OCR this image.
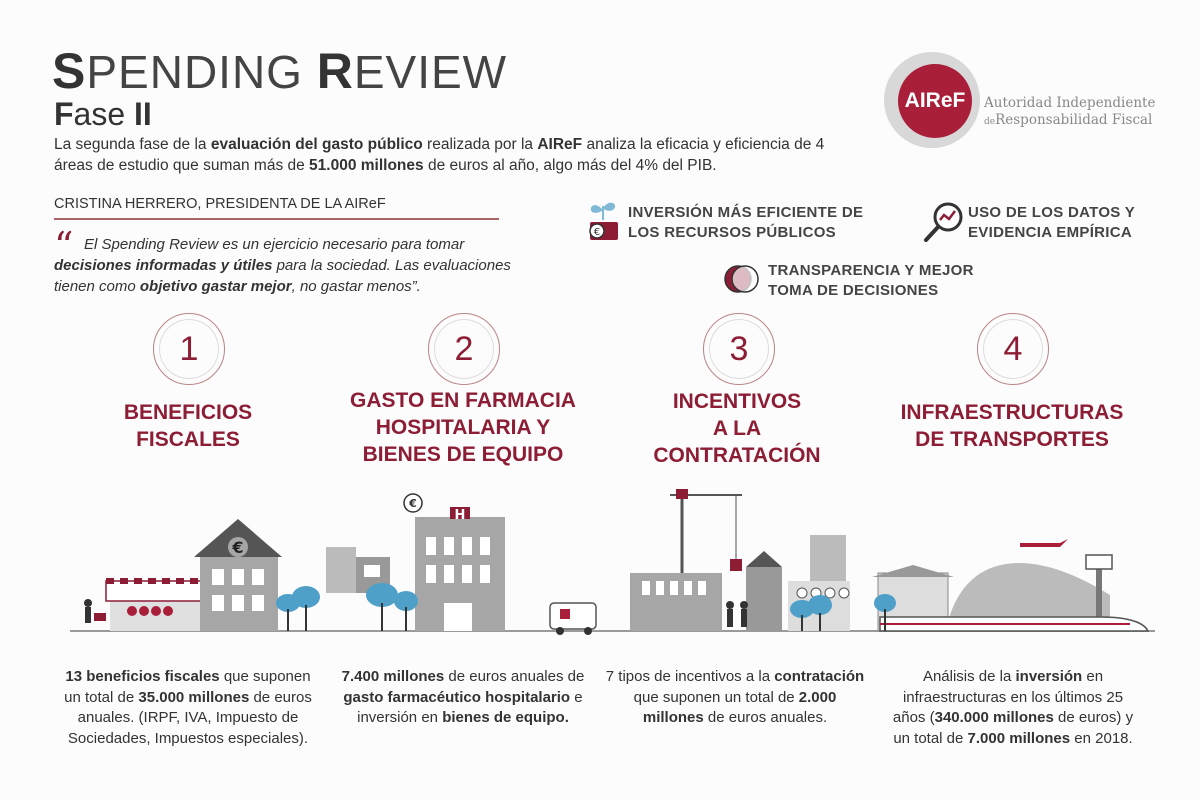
SPENDING REVIEW
Fase II
La segunda fase de la evaluación del gasto público realizada por la AIReF analiza la eficacia y eficiencia de 4 áreas de estudio que suman más de 51.000 millones de euros al año, algo más del 4% del PIB.
CRISTINA HERRERO, PRESIDENTA DE LA AIReF
“ El Spending Review es un ejercicio necesario para tomar decisiones informadas y útiles para la sociedad. Las evaluaciones tienen como objetivo gastar mejor, no gastar menos”.
AIReF	Autoridad Independiente
deResponsabilidad Fiscal
€
INVERSIÓN MÁS EFICIENTE DE
LOS RECURSOS PÚBLICOS
USO DE LOS DATOS Y
EVIDENCIA EMPÍRICA
TRANSPARENCIA Y MEJOR
TOMA DE DECISIONES
1	2	3	4
BENEFICIOS
FISCALES
GASTO EN FARMACIA
HOSPITALARIA Y
BIENES DE EQUIPO
INCENTIVOS
A LA
CONTRATACIÓN
INFRAESTRUCTURAS
DE TRANSPORTES
€
H
€
13 beneficios fiscales que suponen un total de 35.000 millones de euros anuales. (IRPF, IVA, Impuesto de Sociedades, Impuestos especiales).
7.400 millones de euros anuales de gasto farmacéutico hospitalario e inversión en bienes de equipo.
7 tipos de incentivos a la contratación que suponen un total de 2.000 millones de euros anuales.
Análisis de la inversión en infraestructuras en los últimos 25 años (340.000 millones de euros) y un total de 7.000 millones en 2018.
